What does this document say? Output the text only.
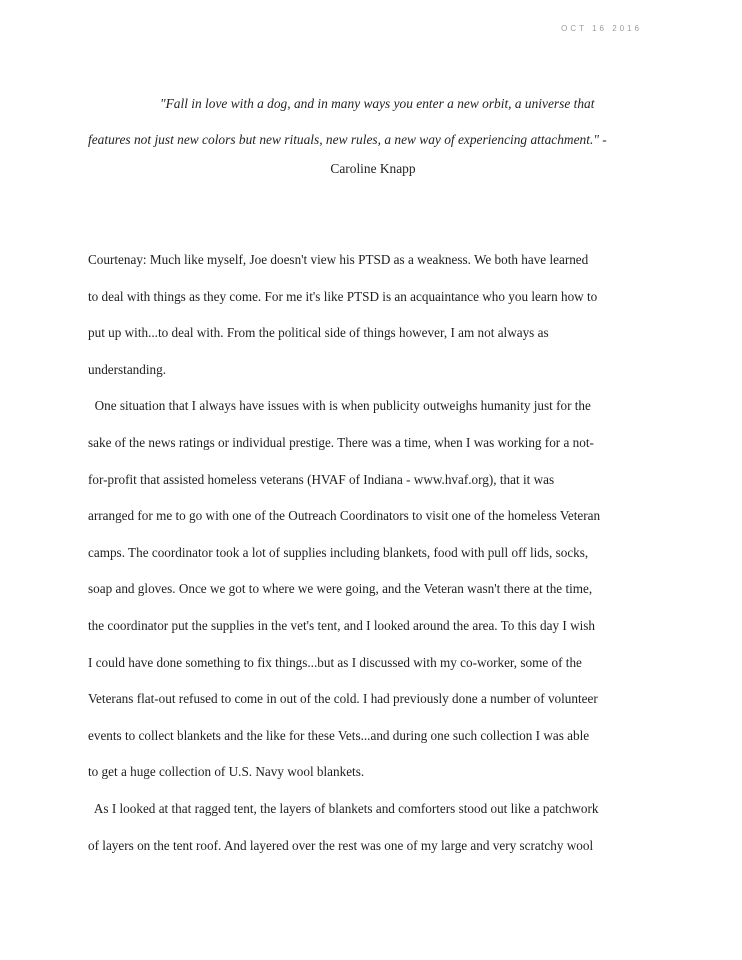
OCT 16 2016
"Fall in love with a dog, and in many ways you enter a new orbit, a universe that
features not just new colors but new rituals, new rules, a new way of experiencing attachment." -
Caroline Knapp
Courtenay: Much like myself, Joe doesn't view his PTSD as a weakness. We both have learned
to deal with things as they come. For me it's like PTSD is an acquaintance who you learn how to
put up with...to deal with. From the political side of things however, I am not always as
understanding.
One situation that I always have issues with is when publicity outweighs humanity just for the
sake of the news ratings or individual prestige. There was a time, when I was working for a not-
for-profit that assisted homeless veterans (HVAF of Indiana - www.hvaf.org), that it was
arranged for me to go with one of the Outreach Coordinators to visit one of the homeless Veteran
camps. The coordinator took a lot of supplies including blankets, food with pull off lids, socks,
soap and gloves. Once we got to where we were going, and the Veteran wasn't there at the time,
the coordinator put the supplies in the vet's tent, and I looked around the area. To this day I wish
I could have done something to fix things...but as I discussed with my co-worker, some of the
Veterans flat-out refused to come in out of the cold. I had previously done a number of volunteer
events to collect blankets and the like for these Vets...and during one such collection I was able
to get a huge collection of U.S. Navy wool blankets.
As I looked at that ragged tent, the layers of blankets and comforters stood out like a patchwork
of layers on the tent roof. And layered over the rest was one of my large and very scratchy wool
